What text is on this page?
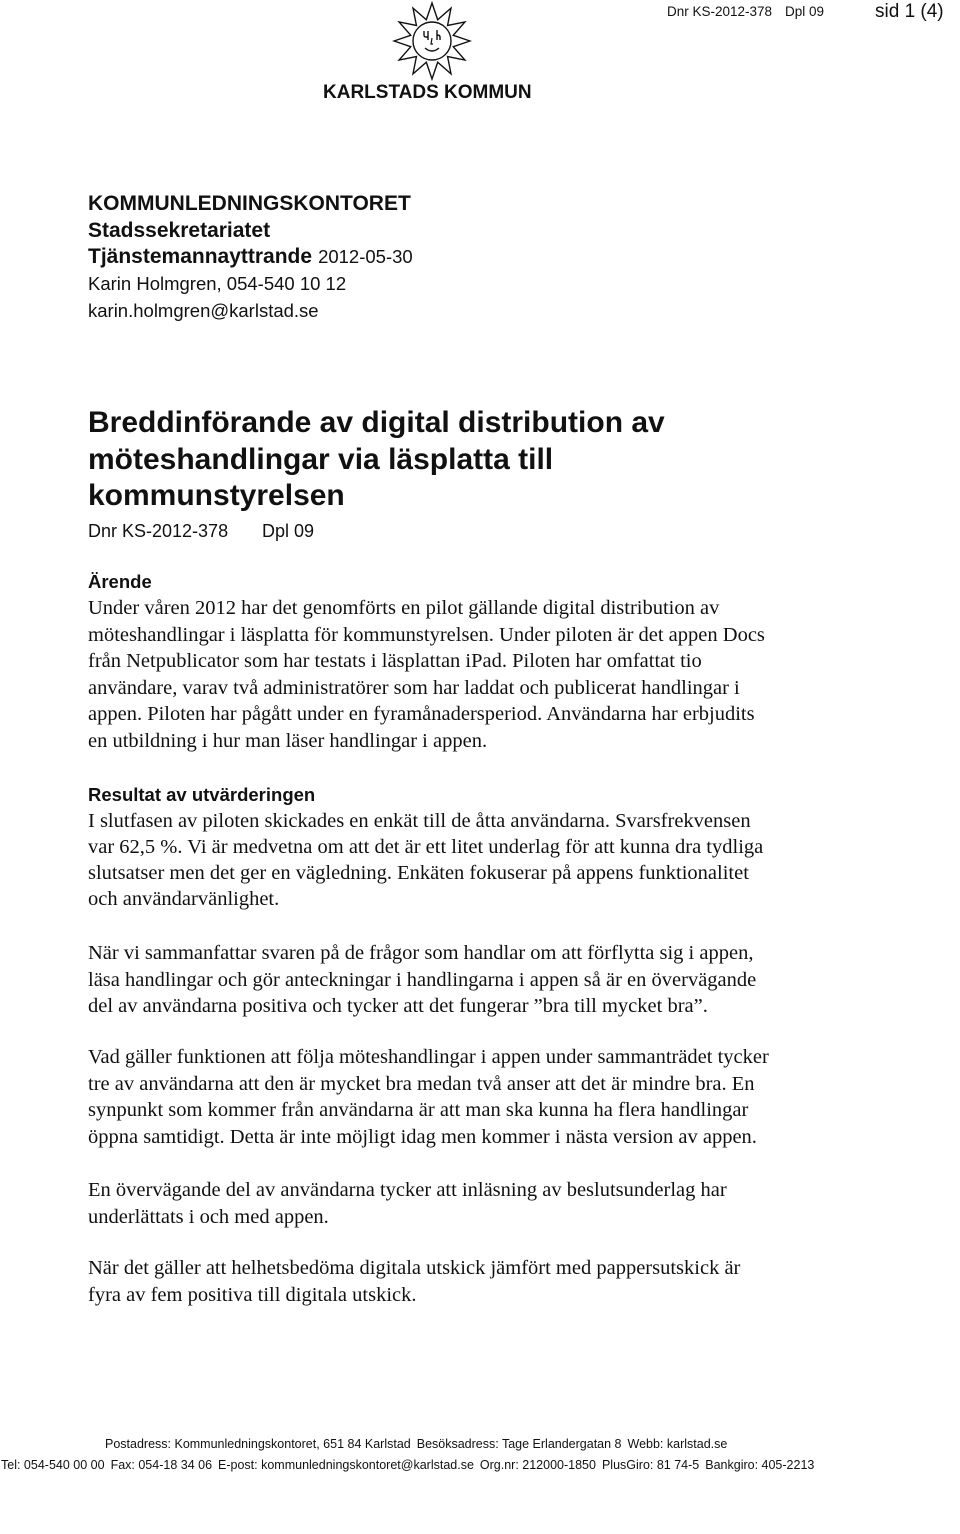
Dnr KS-2012-378 Dpl 09	sid 1 (4)
KARLSTADS KOMMUN
KOMMUNLEDNINGSKONTORET
Stadssekretariatet
Tjänstemannayttrande 2012-05-30
Karin Holmgren, 054-540 10 12
karin.holmgren@karlstad.se
Breddinförande av digital distribution av
möteshandlingar via läsplatta till
kommunstyrelsen
Dnr KS-2012-378 Dpl 09
Ärende
Under våren 2012 har det genomförts en pilot gällande digital distribution av
möteshandlingar i läsplatta för kommunstyrelsen. Under piloten är det appen Docs
från Netpublicator som har testats i läsplattan iPad. Piloten har omfattat tio
användare, varav två administratörer som har laddat och publicerat handlingar i
appen. Piloten har pågått under en fyramånadersperiod. Användarna har erbjudits
en utbildning i hur man läser handlingar i appen.
Resultat av utvärderingen
I slutfasen av piloten skickades en enkät till de åtta användarna. Svarsfrekvensen
var 62,5 %. Vi är medvetna om att det är ett litet underlag för att kunna dra tydliga
slutsatser men det ger en vägledning. Enkäten fokuserar på appens funktionalitet
och användarvänlighet.
När vi sammanfattar svaren på de frågor som handlar om att förflytta sig i appen,
läsa handlingar och gör anteckningar i handlingarna i appen så är en övervägande
del av användarna positiva och tycker att det fungerar ”bra till mycket bra”.
Vad gäller funktionen att följa möteshandlingar i appen under sammanträdet tycker
tre av användarna att den är mycket bra medan två anser att det är mindre bra. En
synpunkt som kommer från användarna är att man ska kunna ha flera handlingar
öppna samtidigt. Detta är inte möjligt idag men kommer i nästa version av appen.
En övervägande del av användarna tycker att inläsning av beslutsunderlag har
underlättats i och med appen.
När det gäller att helhetsbedöma digitala utskick jämfört med pappersutskick är
fyra av fem positiva till digitala utskick.
Postadress: Kommunledningskontoret, 651 84 Karlstad Besöksadress: Tage Erlandergatan 8 Webb: karlstad.se
Tel: 054-540 00 00 Fax: 054-18 34 06 E-post: kommunledningskontoret@karlstad.se Org.nr: 212000-1850 PlusGiro: 81 74-5 Bankgiro: 405-2213
